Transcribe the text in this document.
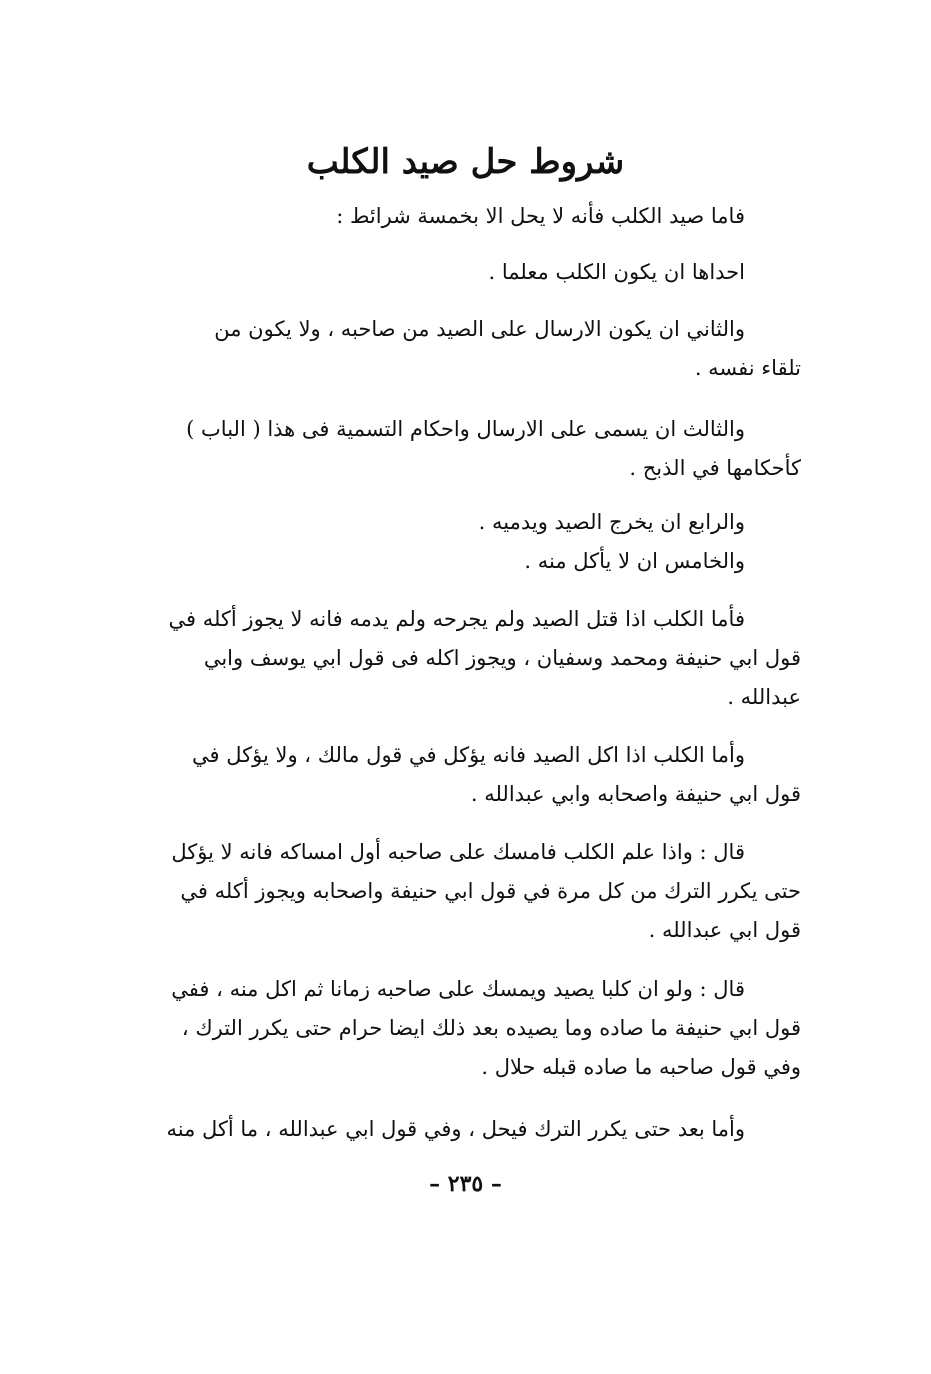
شروط حل صيد الكلب

فاما صيد الكلب فأنه لا يحل الا بخمسة شرائط :

احداها ان يكون الكلب معلما .

والثاني ان يكون الارسال على الصيد من صاحبه ، ولا يكون من
تلقاء نفسه .

والثالث ان يسمى على الارسال واحكام التسمية فى هذا ( الباب )
كأحكامها في الذبح .

والرابع ان يخرج الصيد ويدميه .
والخامس ان لا يأكل منه .

فأما الكلب اذا قتل الصيد ولم يجرحه ولم يدمه فانه لا يجوز أكله في
قول ابي حنيفة ومحمد وسفيان ، ويجوز اكله فى قول ابي يوسف وابي
عبدالله .

وأما الكلب اذا اكل الصيد فانه يؤكل في قول مالك ، ولا يؤكل في
قول ابي حنيفة واصحابه وابي عبدالله .

قال : واذا علم الكلب فامسك على صاحبه أول امساكه فانه لا يؤكل
حتى يكرر الترك من كل مرة في قول ابي حنيفة واصحابه ويجوز أكله في
قول ابي عبدالله .

قال : ولو ان كلبا يصيد ويمسك على صاحبه زمانا ثم اكل منه ، ففي
قول ابي حنيفة ما صاده وما يصيده بعد ذلك ايضا حرام حتى يكرر الترك ،
وفي قول صاحبه ما صاده قبله حلال .

وأما بعد حتى يكرر الترك فيحل ، وفي قول ابي عبدالله ، ما أكل منه

– ٢٣٥ –
